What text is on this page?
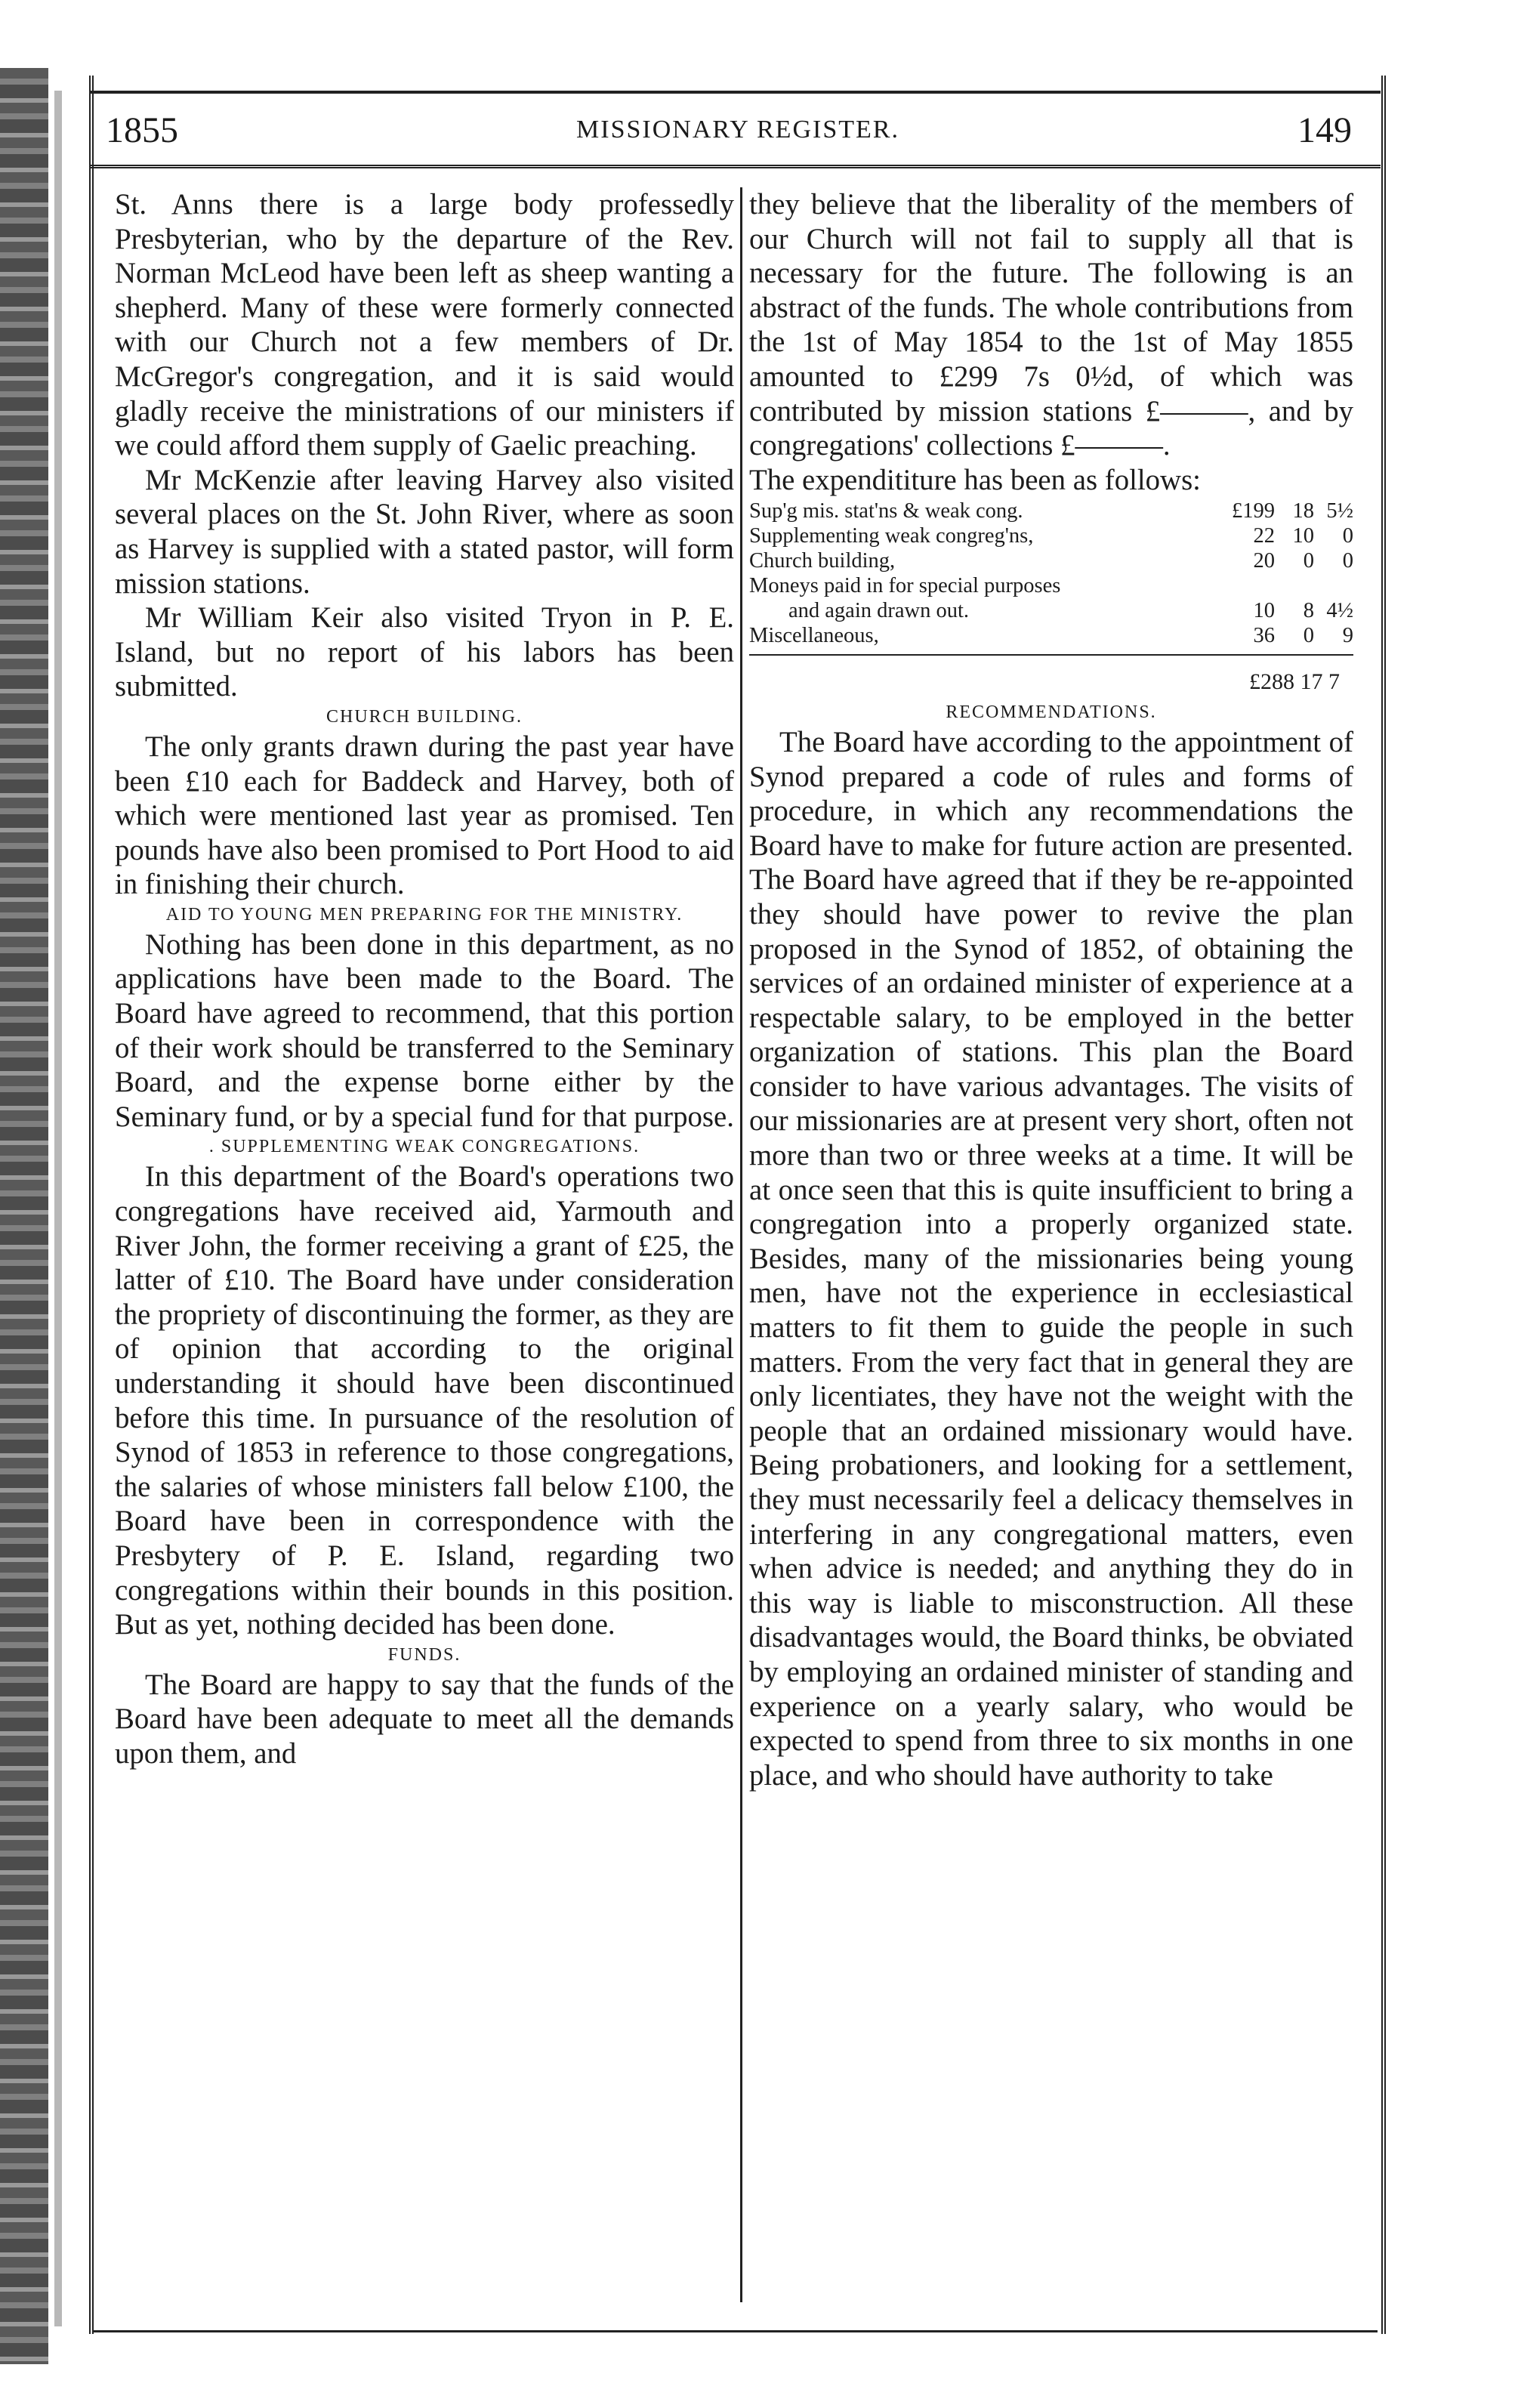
1855	MISSIONARY REGISTER.	149

St. Anns there is a large body professedly Presbyterian, who by the departure of the Rev. Norman McLeod have been left as sheep wanting a shepherd. Many of these were formerly connected with our Church not a few members of Dr. McGregor's congregation, and it is said would gladly receive the ministrations of our ministers if we could afford them supply of Gaelic preaching.

Mr McKenzie after leaving Harvey also visited several places on the St. John River, where as soon as Harvey is supplied with a stated pastor, will form mission stations.

Mr William Keir also visited Tryon in P. E. Island, but no report of his labors has been submitted.

CHURCH BUILDING.

The only grants drawn during the past year have been £10 each for Baddeck and Harvey, both of which were mentioned last year as promised. Ten pounds have also been promised to Port Hood to aid in finishing their church.

AID TO YOUNG MEN PREPARING FOR THE MINISTRY.

Nothing has been done in this department, as no applications have been made to the Board. The Board have agreed to recommend, that this portion of their work should be transferred to the Seminary Board, and the expense borne either by the Seminary fund, or by a special fund for that purpose.

. SUPPLEMENTING WEAK CONGREGATIONS.

In this department of the Board's operations two congregations have received aid, Yarmouth and River John, the former receiving a grant of £25, the latter of £10. The Board have under consideration the propriety of discontinuing the former, as they are of opinion that according to the original understanding it should have been discontinued before this time. In pursuance of the resolution of Synod of 1853 in reference to those congregations, the salaries of whose ministers fall below £100, the Board have been in correspondence with the Presbytery of P. E. Island, regarding two congregations within their bounds in this position. But as yet, nothing decided has been done.

FUNDS.

The Board are happy to say that the funds of the Board have been adequate to meet all the demands upon them, and

they believe that the liberality of the members of our Church will not fail to supply all that is necessary for the future. The following is an abstract of the funds. The whole contributions from the 1st of May 1854 to the 1st of May 1855 amounted to £299 7s 0½d, of which was contributed by mission stations £———, and by congregations' collections £———.

The expendititure has been as follows:

Sup'g mis. stat'ns & weak cong.	£199	18	5½
Supplementing weak congreg'ns,	22	10	0
Church building,	20	0	0
Moneys paid in for special purposes			
and again drawn out.	10	8	4½
Miscellaneous,	36	0	9
£288 17 7
RECOMMENDATIONS.

The Board have according to the appointment of Synod prepared a code of rules and forms of procedure, in which any recommendations the Board have to make for future action are presented. The Board have agreed that if they be re-appointed they should have power to revive the plan proposed in the Synod of 1852, of obtaining the services of an ordained minister of experience at a respectable salary, to be employed in the better organization of stations. This plan the Board consider to have various advantages. The visits of our missionaries are at present very short, often not more than two or three weeks at a time. It will be at once seen that this is quite insufficient to bring a congregation into a properly organized state. Besides, many of the missionaries being young men, have not the experience in ecclesiastical matters to fit them to guide the people in such matters. From the very fact that in general they are only licentiates, they have not the weight with the people that an ordained missionary would have. Being probationers, and looking for a settlement, they must necessarily feel a delicacy themselves in interfering in any congregational matters, even when advice is needed; and anything they do in this way is liable to misconstruction. All these disadvantages would, the Board thinks, be obviated by employing an ordained minister of standing and experience on a yearly salary, who would be expected to spend from three to six months in one place, and who should have authority to take
